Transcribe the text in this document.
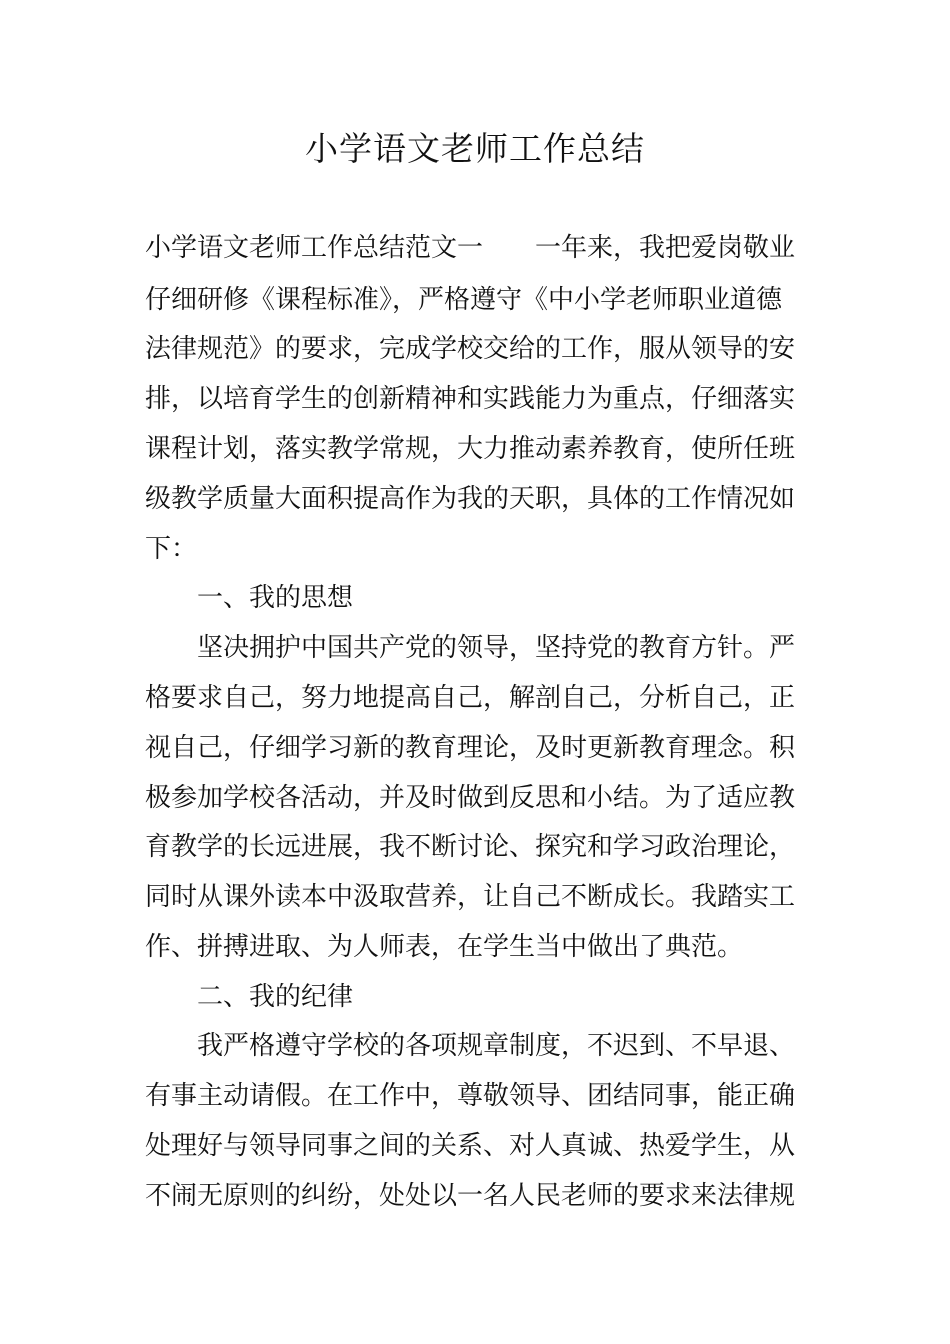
小学语文老师工作总结

小学语文老师工作总结范文一　　一年来，我把爱岗敬业

仔细研修《课程标准》，严格遵守《中小学老师职业道德

法律规范》的要求，完成学校交给的工作，服从领导的安

排，以培育学生的创新精神和实践能力为重点，仔细落实

课程计划，落实教学常规，大力推动素养教育，使所任班

级教学质量大面积提高作为我的天职，具体的工作情况如

下：

　　一、我的思想

　　坚决拥护中国共产党的领导，坚持党的教育方针。严

格要求自己，努力地提高自己，解剖自己，分析自己，正

视自己，仔细学习新的教育理论，及时更新教育理念。积

极参加学校各活动，并及时做到反思和小结。为了适应教

育教学的长远进展，我不断讨论、探究和学习政治理论，

同时从课外读本中汲取营养，让自己不断成长。我踏实工

作、拼搏进取、为人师表，在学生当中做出了典范。

　　二、我的纪律

　　我严格遵守学校的各项规章制度，不迟到、不早退、

有事主动请假。在工作中，尊敬领导、团结同事，能正确

处理好与领导同事之间的关系、对人真诚、热爱学生，从

不闹无原则的纠纷，处处以一名人民老师的要求来法律规
